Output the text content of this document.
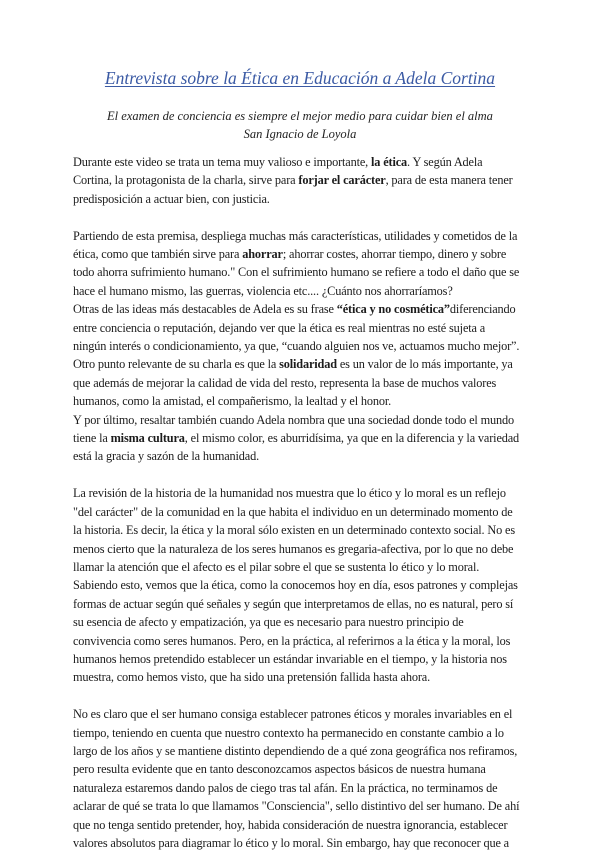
Entrevista sobre la Ética en Educación a Adela Cortina
El examen de conciencia es siempre el mejor medio para cuidar bien el alma
San Ignacio de Loyola
Durante este video se trata un tema muy valioso e importante, la ética. Y según Adela
Cortina, la protagonista de la charla, sirve para forjar el carácter, para de esta manera tener
predisposición a actuar bien, con justicia.
Partiendo de esta premisa, despliega muchas más características, utilidades y cometidos de la
ética, como que también sirve para ahorrar; ahorrar costes, ahorrar tiempo, dinero y sobre
todo ahorra sufrimiento humano." Con el sufrimiento humano se refiere a todo el daño que se
hace el humano mismo, las guerras, violencia etc.... ¿Cuánto nos ahorraríamos?
Otras de las ideas más destacables de Adela es su frase “ética y no cosmética”diferenciando
entre conciencia o reputación, dejando ver que la ética es real mientras no esté sujeta a
ningún interés o condicionamiento, ya que, “cuando alguien nos ve, actuamos mucho mejor”.
Otro punto relevante de su charla es que la solidaridad es un valor de lo más importante, ya
que además de mejorar la calidad de vida del resto, representa la base de muchos valores
humanos, como la amistad, el compañerismo, la lealtad y el honor.
Y por último, resaltar también cuando Adela nombra que una sociedad donde todo el mundo
tiene la misma cultura, el mismo color, es aburridísima, ya que en la diferencia y la variedad
está la gracia y sazón de la humanidad.
La revisión de la historia de la humanidad nos muestra que lo ético y lo moral es un reflejo
"del carácter" de la comunidad en la que habita el individuo en un determinado momento de
la historia. Es decir, la ética y la moral sólo existen en un determinado contexto social. No es
menos cierto que la naturaleza de los seres humanos es gregaria-afectiva, por lo que no debe
llamar la atención que el afecto es el pilar sobre el que se sustenta lo ético y lo moral.
Sabiendo esto, vemos que la ética, como la conocemos hoy en día, esos patrones y complejas
formas de actuar según qué señales y según que interpretamos de ellas, no es natural, pero sí
su esencia de afecto y empatización, ya que es necesario para nuestro principio de
convivencia como seres humanos. Pero, en la práctica, al referirnos a la ética y la moral, los
humanos hemos pretendido establecer un estándar invariable en el tiempo, y la historia nos
muestra, como hemos visto, que ha sido una pretensión fallida hasta ahora.
No es claro que el ser humano consiga establecer patrones éticos y morales invariables en el
tiempo, teniendo en cuenta que nuestro contexto ha permanecido en constante cambio a lo
largo de los años y se mantiene distinto dependiendo de a qué zona geográfica nos refiramos,
pero resulta evidente que en tanto desconozcamos aspectos básicos de nuestra humana
naturaleza estaremos dando palos de ciego tras tal afán. En la práctica, no terminamos de
aclarar de qué se trata lo que llamamos "Consciencia", sello distintivo del ser humano. De ahí
que no tenga sentido pretender, hoy, habida consideración de nuestra ignorancia, establecer
valores absolutos para diagramar lo ético y lo moral. Sin embargo, hay que reconocer que a
